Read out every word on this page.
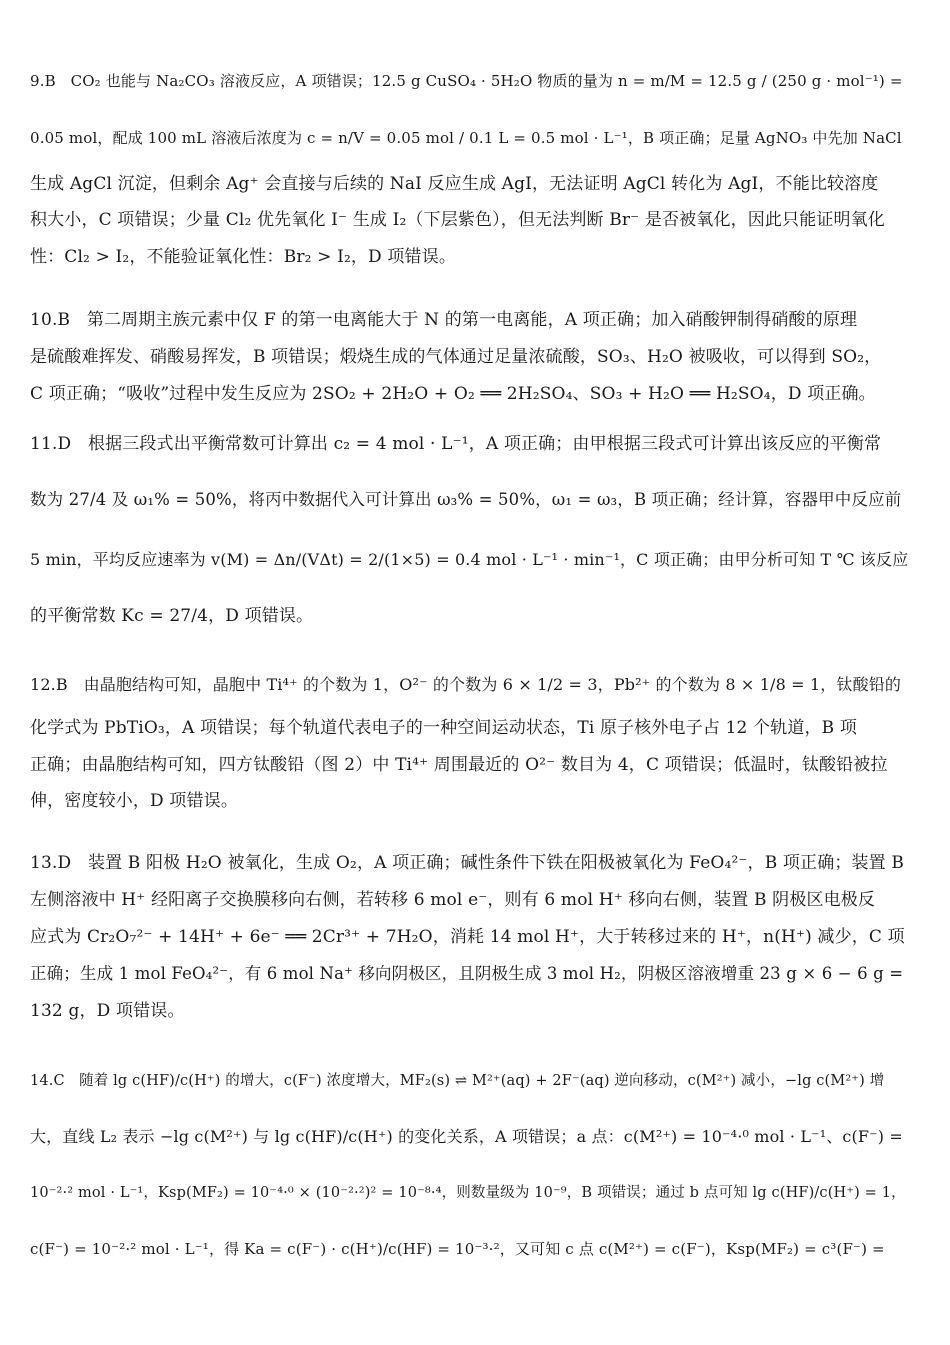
9.B CO₂ 也能与 Na₂CO₃ 溶液反应，A 项错误；12.5 g CuSO₄ · 5H₂O 物质的量为 n = m/M = 12.5 g / (250 g · mol⁻¹) =
0.05 mol，配成 100 mL 溶液后浓度为 c = n/V = 0.05 mol / 0.1 L = 0.5 mol · L⁻¹，B 项正确；足量 AgNO₃ 中先加 NaCl
生成 AgCl 沉淀，但剩余 Ag⁺ 会直接与后续的 NaI 反应生成 AgI，无法证明 AgCl 转化为 AgI，不能比较溶度
积大小，C 项错误；少量 Cl₂ 优先氧化 I⁻ 生成 I₂（下层紫色），但无法判断 Br⁻ 是否被氧化，因此只能证明氧化
性：Cl₂ > I₂，不能验证氧化性：Br₂ > I₂，D 项错误。
10.B 第二周期主族元素中仅 F 的第一电离能大于 N 的第一电离能，A 项正确；加入硝酸钾制得硝酸的原理
是硫酸难挥发、硝酸易挥发，B 项错误；煅烧生成的气体通过足量浓硫酸，SO₃、H₂O 被吸收，可以得到 SO₂，
C 项正确；“吸收”过程中发生反应为 2SO₂ + 2H₂O + O₂ ══ 2H₂SO₄、SO₃ + H₂O ══ H₂SO₄，D 项正确。
11.D 根据三段式出平衡常数可计算出 c₂ = 4 mol · L⁻¹，A 项正确；由甲根据三段式可计算出该反应的平衡常
数为 27/4 及 ω₁% = 50%，将丙中数据代入可计算出 ω₃% = 50%，ω₁ = ω₃，B 项正确；经计算，容器甲中反应前
5 min，平均反应速率为 v(M) = Δn/(VΔt) = 2/(1×5) = 0.4 mol · L⁻¹ · min⁻¹，C 项正确；由甲分析可知 T ℃ 该反应
的平衡常数 Kc = 27/4，D 项错误。
12.B 由晶胞结构可知，晶胞中 Ti⁴⁺ 的个数为 1，O²⁻ 的个数为 6 × 1/2 = 3，Pb²⁺ 的个数为 8 × 1/8 = 1，钛酸铅的
化学式为 PbTiO₃，A 项错误；每个轨道代表电子的一种空间运动状态，Ti 原子核外电子占 12 个轨道，B 项
正确；由晶胞结构可知，四方钛酸铅（图 2）中 Ti⁴⁺ 周围最近的 O²⁻ 数目为 4，C 项错误；低温时，钛酸铅被拉
伸，密度较小，D 项错误。
13.D 装置 B 阳极 H₂O 被氧化，生成 O₂，A 项正确；碱性条件下铁在阳极被氧化为 FeO₄²⁻，B 项正确；装置 B
左侧溶液中 H⁺ 经阳离子交换膜移向右侧，若转移 6 mol e⁻，则有 6 mol H⁺ 移向右侧，装置 B 阴极区电极反
应式为 Cr₂O₇²⁻ + 14H⁺ + 6e⁻ ══ 2Cr³⁺ + 7H₂O，消耗 14 mol H⁺，大于转移过来的 H⁺，n(H⁺) 减少，C 项
正确；生成 1 mol FeO₄²⁻，有 6 mol Na⁺ 移向阴极区，且阴极生成 3 mol H₂，阴极区溶液增重 23 g × 6 − 6 g =
132 g，D 项错误。
14.C 随着 lg c(HF)/c(H⁺) 的增大，c(F⁻) 浓度增大，MF₂(s) ⇌ M²⁺(aq) + 2F⁻(aq) 逆向移动，c(M²⁺) 减小，−lg c(M²⁺) 增
大，直线 L₂ 表示 −lg c(M²⁺) 与 lg c(HF)/c(H⁺) 的变化关系，A 项错误；a 点：c(M²⁺) = 10⁻⁴·⁰ mol · L⁻¹、c(F⁻) =
10⁻²·² mol · L⁻¹，Ksp(MF₂) = 10⁻⁴·⁰ × (10⁻²·²)² = 10⁻⁸·⁴，则数量级为 10⁻⁹，B 项错误；通过 b 点可知 lg c(HF)/c(H⁺) = 1，
c(F⁻) = 10⁻²·² mol · L⁻¹，得 Ka = c(F⁻) · c(H⁺)/c(HF) = 10⁻³·²，又可知 c 点 c(M²⁺) = c(F⁻)，Ksp(MF₂) = c³(F⁻) =
